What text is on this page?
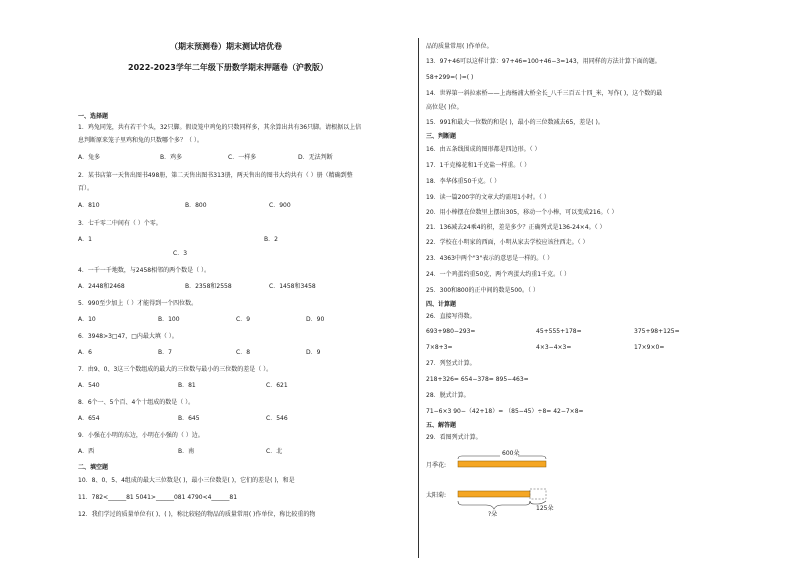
（期末预测卷）期末测试培优卷
2022-2023学年二年级下册数学期末押题卷（沪教版）
一、选择题
1．鸡兔同笼，共有若干个头，32只脚。假设笼中鸡兔的只数同样多，其余算出共有36只脚。请根据以上信
息判断原来笼子里鸡和兔的只数哪个多？（ ）。
A．兔多	B．鸡多	C．一样多	D．无法判断
2．某书店第一天售出图书498册，第二天售出图书313册，两天售出的图书大约共有（ ）册（精确到整
百）。
A．810	B．800	C．900
3．七千零二中间有（ ）个零。
A．1	B．2
C．3
4．一千一千地数，与2458相邻的两个数是（ ）。
A．2448和2468	B．2358和2558	C．1458和3458
5．990至少加上（ ）才能得到一个四位数。
A．10	B．100	C．9	D．90
6．3948>3□47，□内最大填（ ）。
A．6	B．7	C．8	D．9
7．由9、0、3这三个数组成的最大的三位数与最小的三位数的差是（ ）。
A．540	B．81	C．621
8．6个一、5个百、4个十组成的数是（ ）。
A．654	B．645	C．546
9．小强在小明的东边，小明在小强的（ ）边。
A．西	B．南	C．北
二、填空题
10．8、0、5、4组成的最大三位数是( )，最小三位数是( )，它们的差是( )，和是
11．782<______81 5041>______081 4790<4______81
12．我们学过的质量单位有( )、( )，称比较轻的物品的质量常用( )作单位，称比较重的物
品的质量常用( )作单位。
13．97+46可以这样计算：97+46=100+46−3=143，用同样的方法计算下面的题。
58+299=( )=( )
14．世界第一斜拉索桥——上海杨浦大桥全长_八千三百五十四_米，写作( )，这个数的最
高位是( )位。
15．991和最大一位数的和是( )，最小的三位数减去65，差是( )。
三、判断题
16．由五条线围成的图形都是四边形。（ ）
17．1千克棉花和1千克盐一样重。（ ）
18．李华体重50千克。（ ）
19．读一篇200字的文章大约需用1小时。（ ）
20．用小棒摆在位数里上摆出305，移动一个小棒，可以变成216。（ ）
21．136减去24乘4的积，差是多少？正确列式是136-24×4。（ ）
22．学校在小明家的西面，小明从家去学校应该往西走。（ ）
23．4363中两个"3"表示的意思是一样的。（ ）
24．一个鸡蛋约重50克，两个鸡蛋大约重1千克。（ ）
25．300和800的正中间的数是500。（ ）
四、计算题
26．直接写得数。
693+980−293=	45+555+178=	375+98+125=
7×8+3=	4×3−4×3=	17×9×0=
27．列竖式计算。
218+326= 654−378= 895−463=
28．脱式计算。
71−6×3 90−（42+18）= （85−45）÷8= 42−7×8=
五、解答题
29．看图列式计算。
600朵
月季花:
太阳菊:
125朵
?朵
